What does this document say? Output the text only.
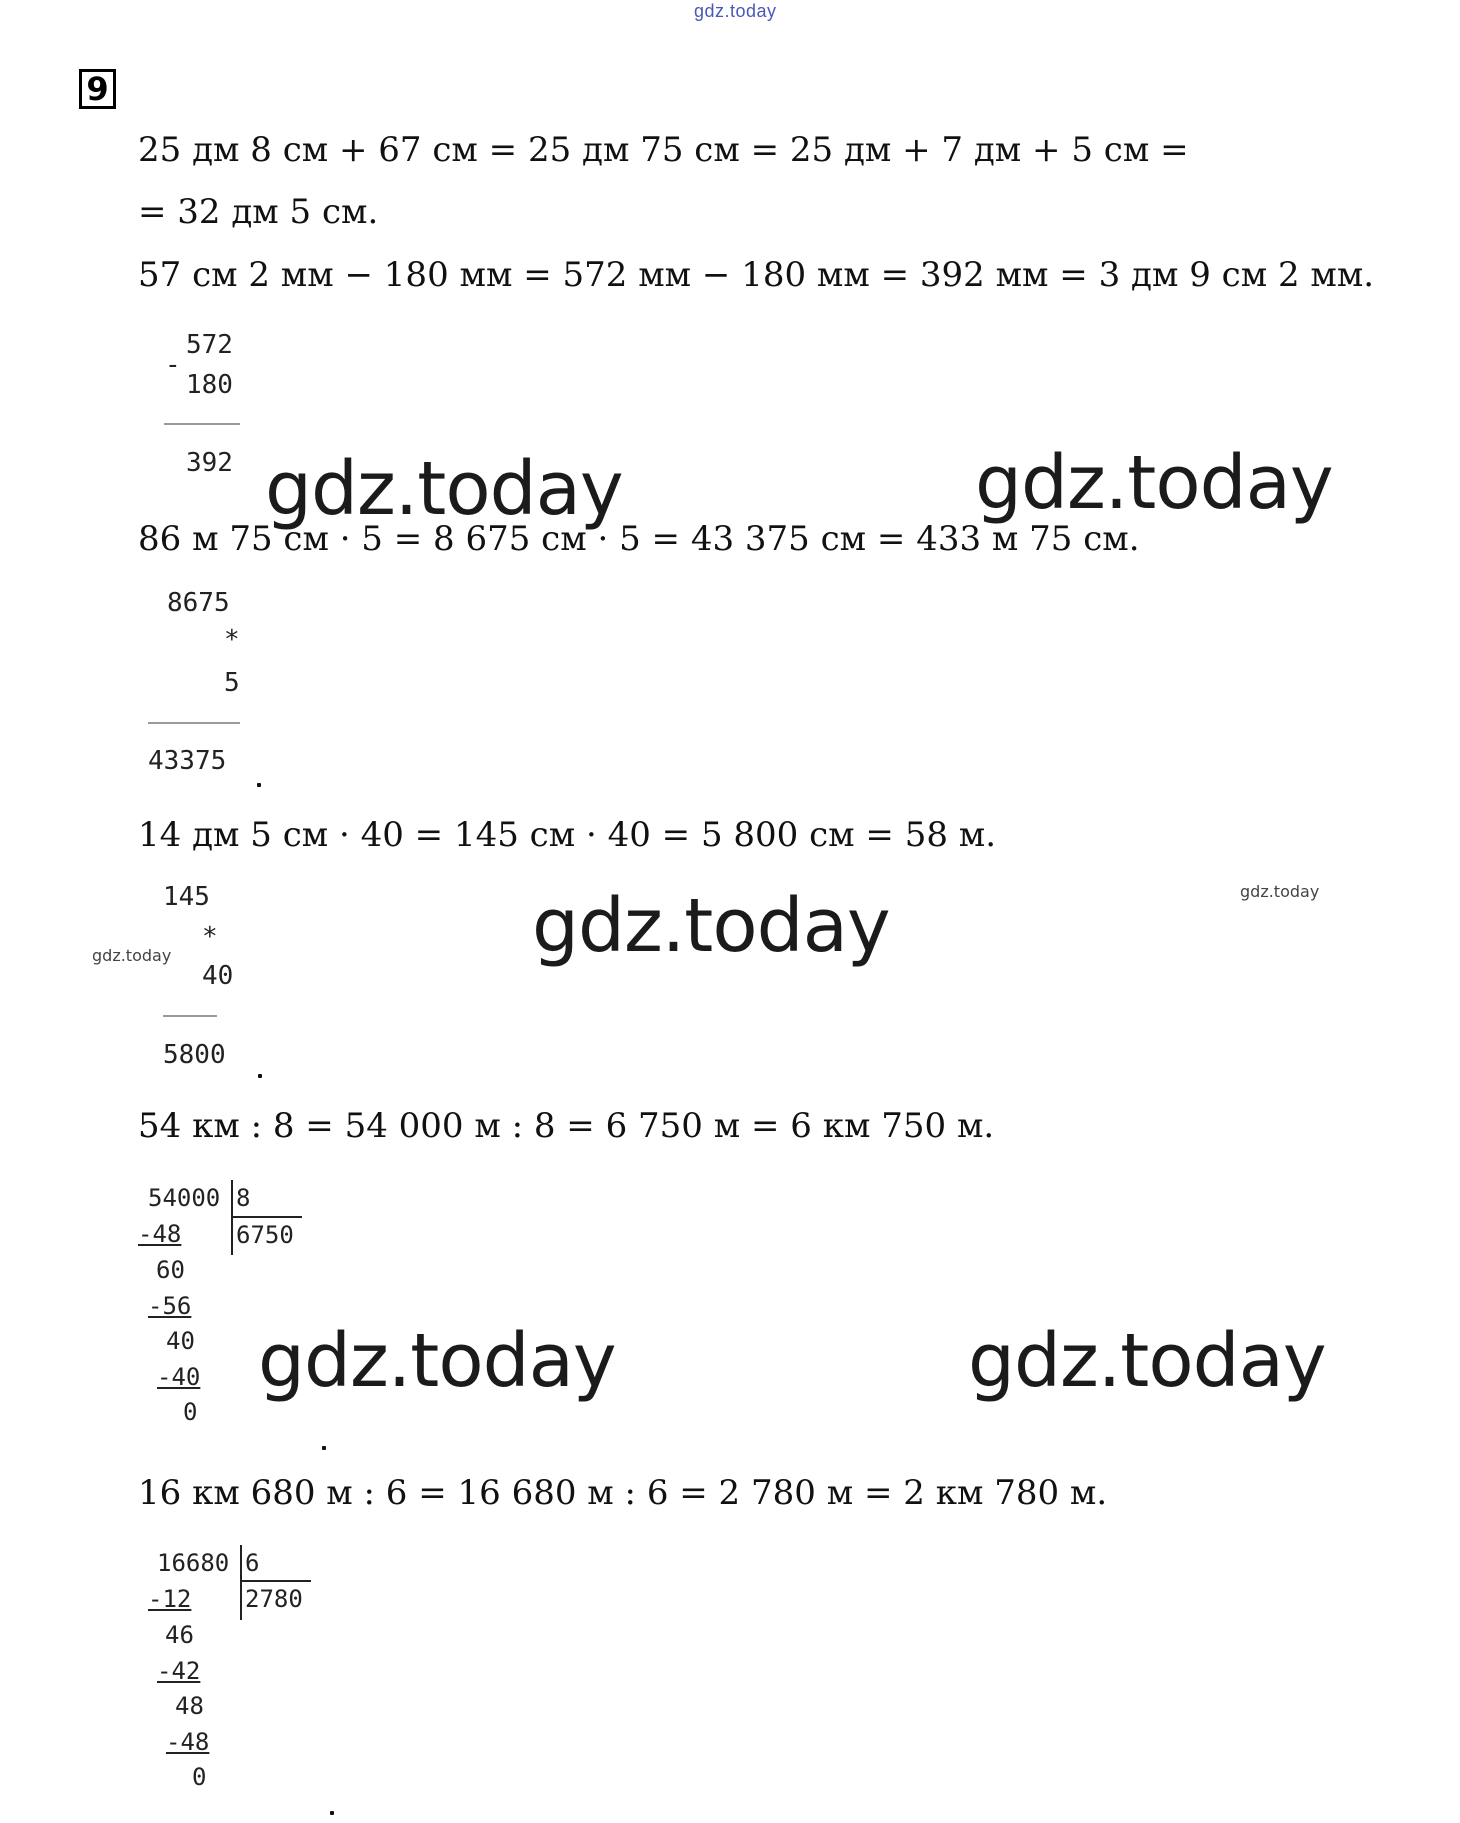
gdz.today
gdz.today	gdz.today
gdz.today
gdz.today	gdz.today
gdz.today
gdz.today
9
25 дм 8 см + 67 см = 25 дм 75 см = 25 дм + 7 дм + 5 см =
= 32 дм 5 см.
57 см 2 мм − 180 мм = 572 мм − 180 мм = 392 мм = 3 дм 9 см 2 мм.
86 м 75 см · 5 = 8 675 см · 5 = 43 375 см = 433 м 75 см.
14 дм 5 см · 40 = 145 см · 40 = 5 800 см = 58 м.
54 км : 8 = 54 000 м : 8 = 6 750 м = 6 км 750 м.
16 км 680 м : 6 = 16 680 м : 6 = 2 780 м = 2 км 780 м.
572
-
180
392
8675
*
5
43375
145
*
40
5800
54000 8
6750
-48
60
-56
40
-40
0
16680 6
2780
-12
46
-42
48
-48
0
